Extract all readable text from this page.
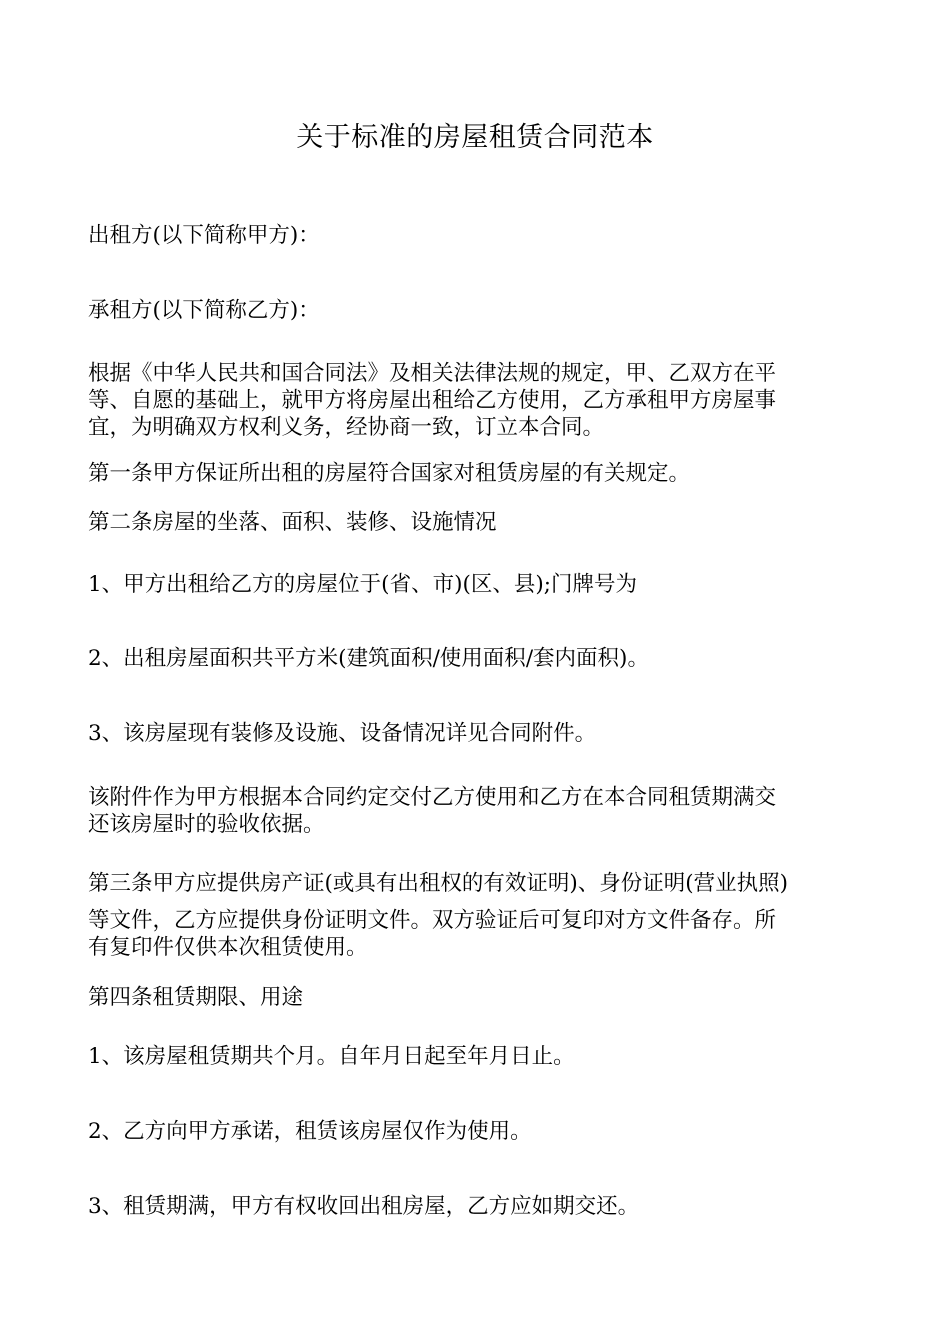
关于标准的房屋租赁合同范本
出租方(以下简称甲方)：
承租方(以下简称乙方)：
根据《中华人民共和国合同法》及相关法律法规的规定，甲、乙双方在平
等、自愿的基础上，就甲方将房屋出租给乙方使用，乙方承租甲方房屋事
宜，为明确双方权利义务，经协商一致，订立本合同。
第一条甲方保证所出租的房屋符合国家对租赁房屋的有关规定。
第二条房屋的坐落、面积、装修、设施情况
1、甲方出租给乙方的房屋位于(省、市)(区、县);门牌号为
2、出租房屋面积共平方米(建筑面积/使用面积/套内面积)。
3、该房屋现有装修及设施、设备情况详见合同附件。
该附件作为甲方根据本合同约定交付乙方使用和乙方在本合同租赁期满交
还该房屋时的验收依据。
第三条甲方应提供房产证(或具有出租权的有效证明)、身份证明(营业执照)
等文件，乙方应提供身份证明文件。双方验证后可复印对方文件备存。所
有复印件仅供本次租赁使用。
第四条租赁期限、用途
1、该房屋租赁期共个月。自年月日起至年月日止。
2、乙方向甲方承诺，租赁该房屋仅作为使用。
3、租赁期满，甲方有权收回出租房屋，乙方应如期交还。
